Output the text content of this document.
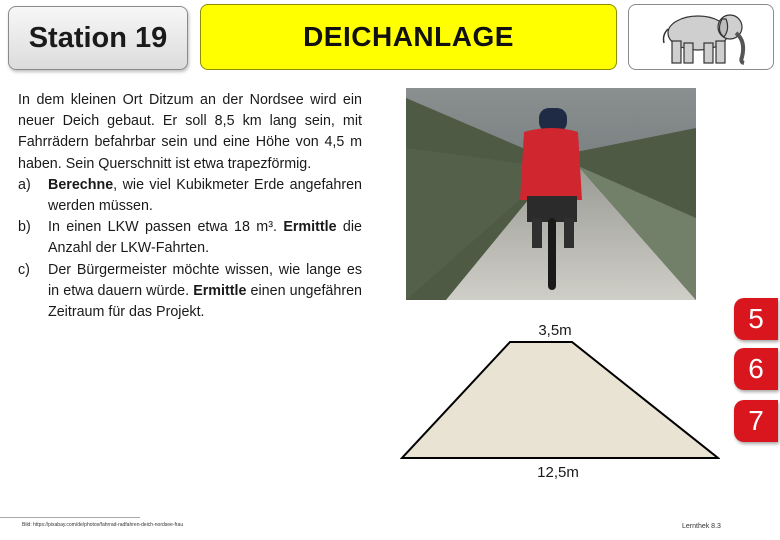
Station 19	DEICHANLAGE

In dem kleinen Ort Ditzum an der Nordsee wird ein neuer Deich gebaut. Er soll 8,5 km lang sein, mit Fahrrädern befahrbar sein und eine Höhe von 4,5 m haben. Sein Querschnitt ist etwa trapezförmig.

a)	Berechne, wie viel Kubikmeter Erde angefahren werden müssen.
b)	In einen LKW passen etwa 18 m³. Ermittle die Anzahl der LKW-Fahrten.
c)	Der Bürgermeister möchte wissen, wie lange es in etwa dauern würde. Ermittle einen ungefähren Zeitraum für das Projekt.	5
6
7
3,5m
12,5m
Bild: https://pixabay.com/de/photos/fahrrad-radfahren-deich-nordsee-frau	Lernthek 8.3
